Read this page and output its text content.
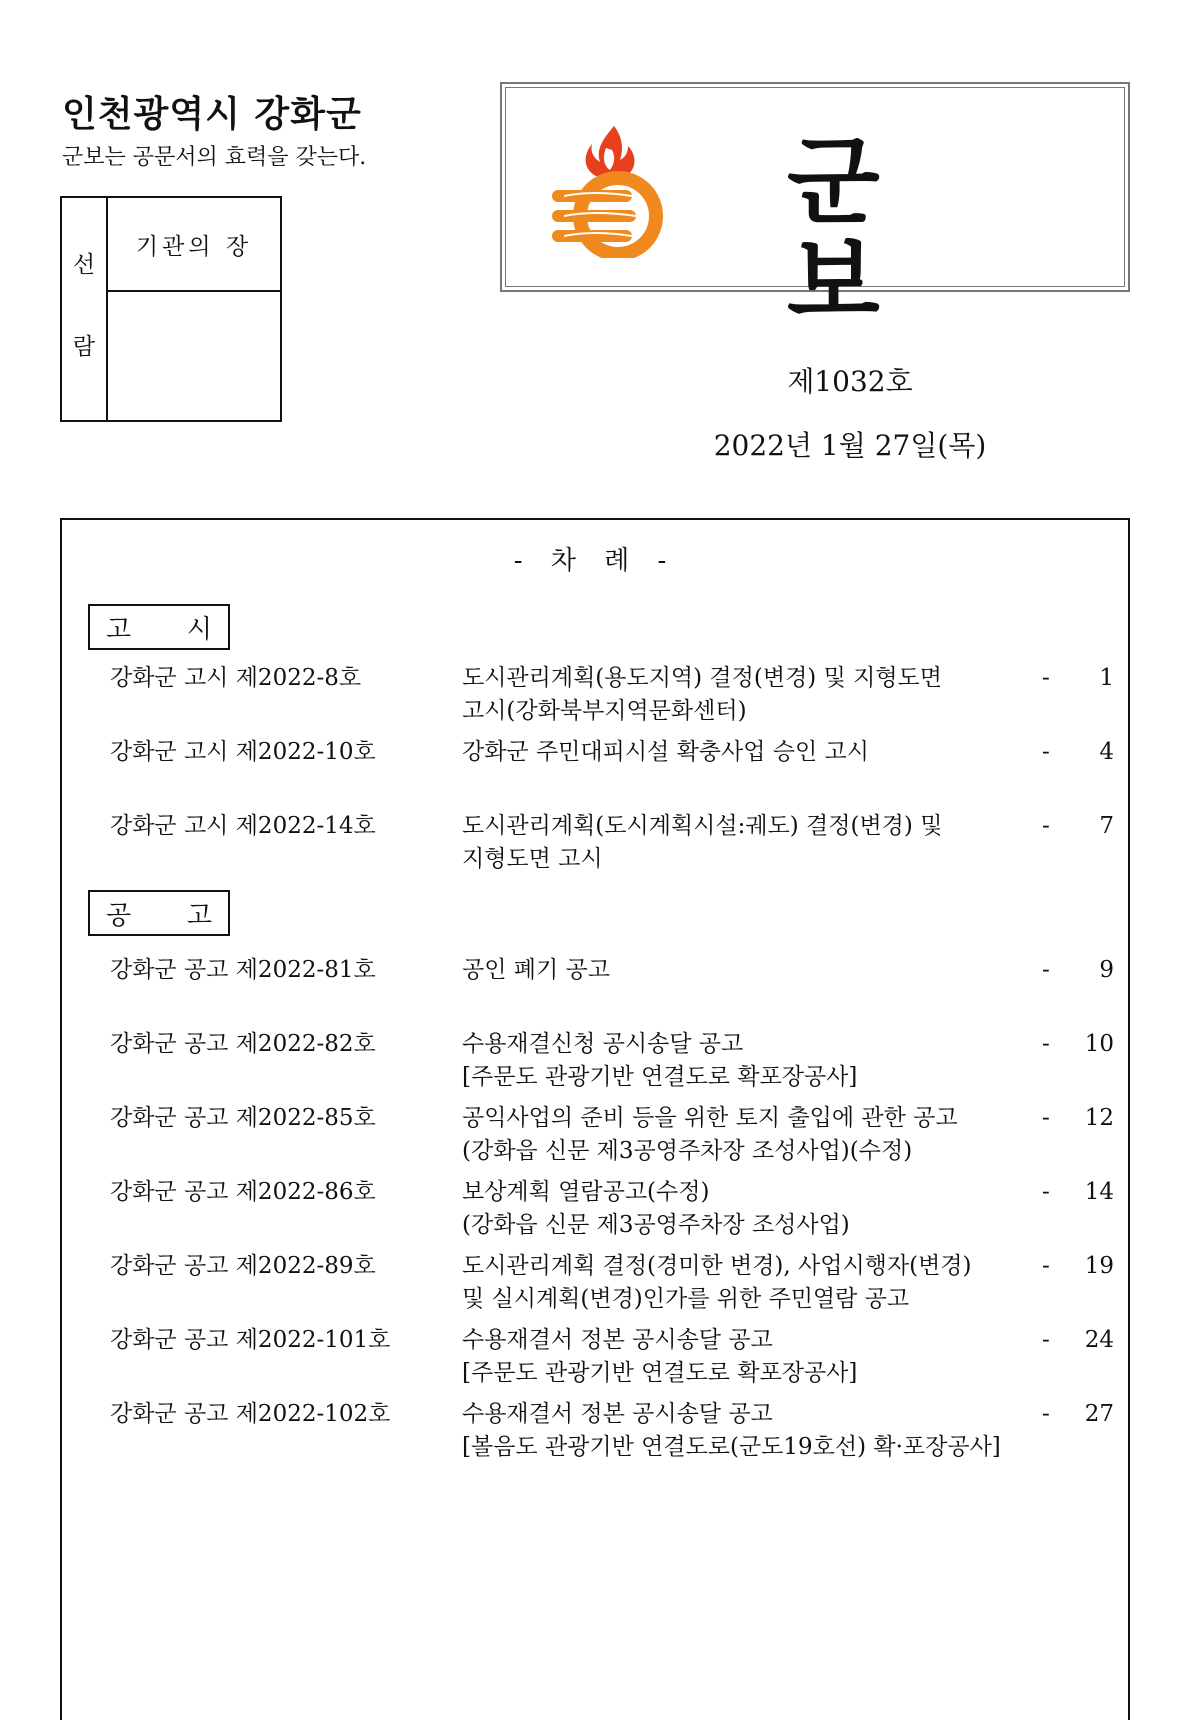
인천광역시 강화군
군보는 공문서의 효력을 갖는다.
선
람
기관의 장
군 보
제1032호
2022년 1월 27일(목)
- 차 례 -
고 시
강화군 고시 제2022-8호	도시관리계획(용도지역) 결정(변경) 및 지형도면
고시(강화북부지역문화센터)
- 1
강화군 고시 제2022-10호	강화군 주민대피시설 확충사업 승인 고시	- 4
강화군 고시 제2022-14호	도시관리계획(도시계획시설:궤도) 결정(변경) 및
지형도면 고시
- 7
공 고
강화군 공고 제2022-81호	공인 폐기 공고	- 9
강화군 공고 제2022-82호	수용재결신청 공시송달 공고
[주문도 관광기반 연결도로 확포장공사]
- 10
강화군 공고 제2022-85호	공익사업의 준비 등을 위한 토지 출입에 관한 공고
(강화읍 신문 제3공영주차장 조성사업)(수정)
- 12
강화군 공고 제2022-86호	보상계획 열람공고(수정)
(강화읍 신문 제3공영주차장 조성사업)
- 14
강화군 공고 제2022-89호	도시관리계획 결정(경미한 변경), 사업시행자(변경)
및 실시계획(변경)인가를 위한 주민열람 공고
- 19
강화군 공고 제2022-101호	수용재결서 정본 공시송달 공고
[주문도 관광기반 연결도로 확포장공사]
- 24
강화군 공고 제2022-102호	수용재결서 정본 공시송달 공고
[볼음도 관광기반 연결도로(군도19호선) 확·포장공사]
- 27
